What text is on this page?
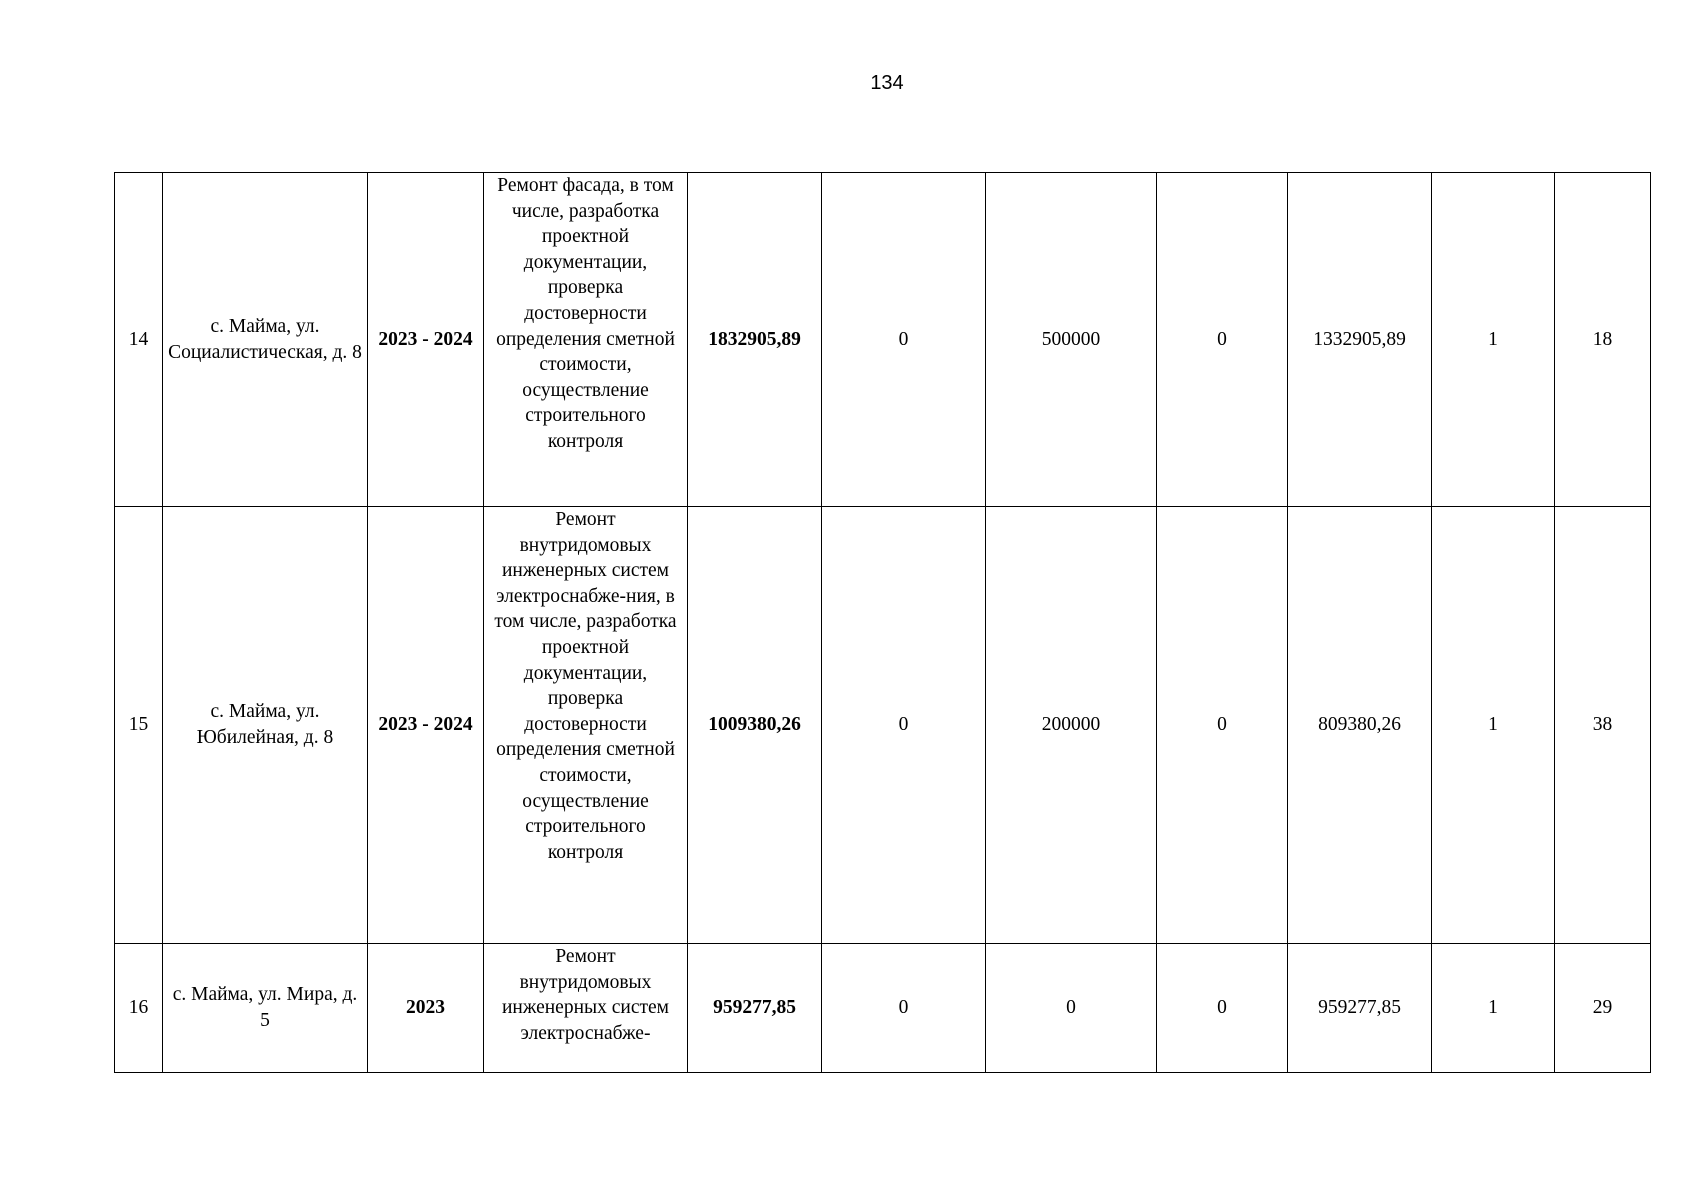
134
14	с. Майма, ул. Социалистическая, д. 8	2023 - 2024	Ремонт фасада, в том числе, разработка проектной документации, проверка достоверности определения сметной стоимости, осуществление строительного контроля	1832905,89	0	500000	0	1332905,89	1	18
15	с. Майма, ул. Юбилейная, д. 8	2023 - 2024	Ремонт внутридомовых инженерных систем электроснабже-ния, в том числе, разработка проектной документации, проверка достоверности определения сметной стоимости, осуществление строительного контроля	1009380,26	0	200000	0	809380,26	1	38
16	с. Майма, ул. Мира, д. 5	2023	Ремонт внутридомовых инженерных систем электроснабже-	959277,85	0	0	0	959277,85	1	29
